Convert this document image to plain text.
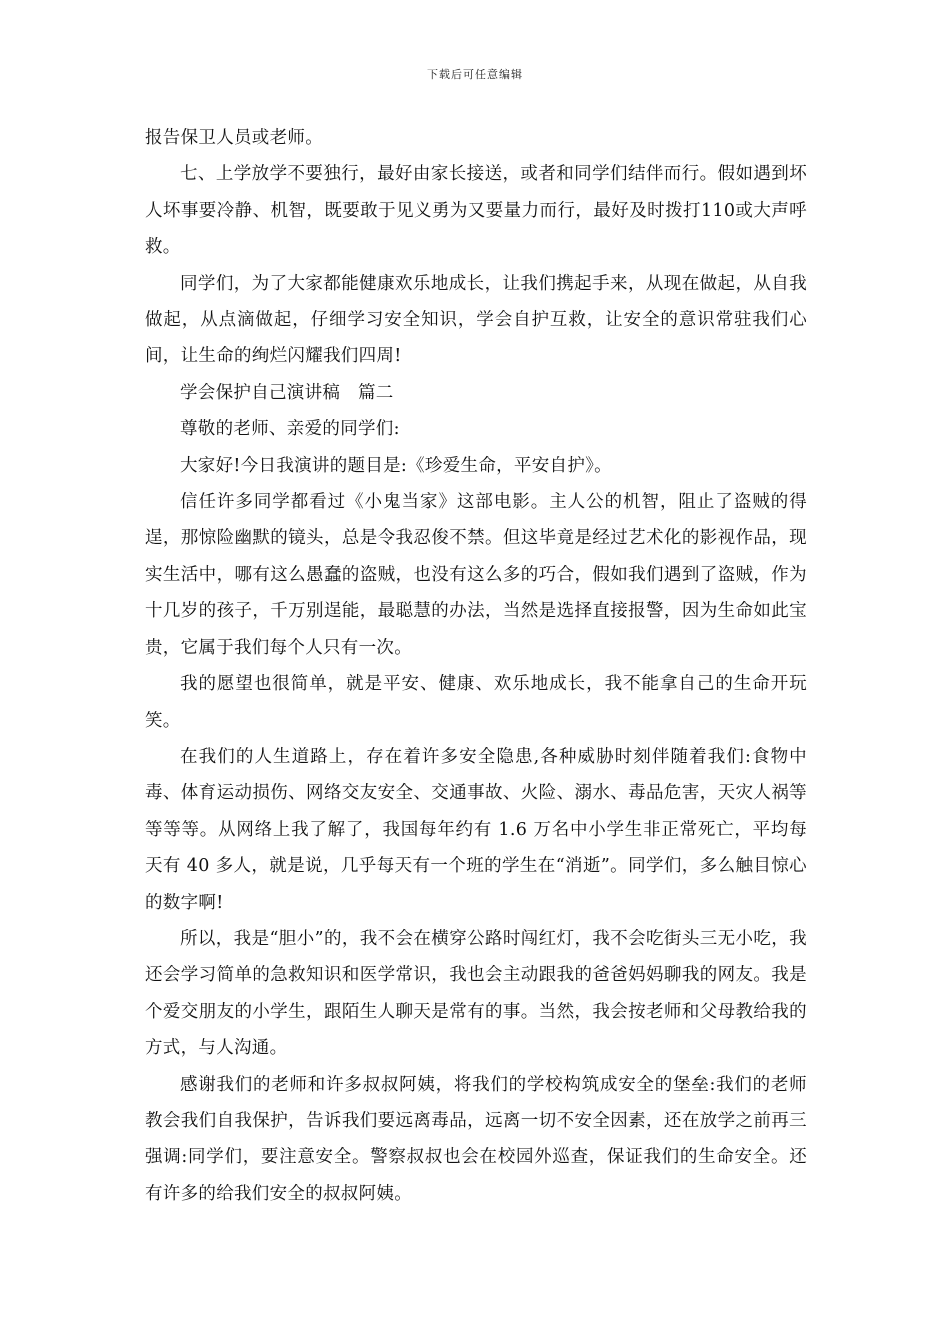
下载后可任意编辑

报告保卫人员或老师。

七、上学放学不要独行，最好由家长接送，或者和同学们结伴而行。假如遇到坏人坏事要冷静、机智，既要敢于见义勇为又要量力而行，最好及时拨打110或大声呼救。

同学们，为了大家都能健康欢乐地成长，让我们携起手来，从现在做起，从自我做起，从点滴做起，仔细学习安全知识，学会自护互救，让安全的意识常驻我们心间，让生命的绚烂闪耀我们四周!

学会保护自己演讲稿　篇二

尊敬的老师、亲爱的同学们:

大家好!今日我演讲的题目是:《珍爱生命，平安自护》。

信任许多同学都看过《小鬼当家》这部电影。主人公的机智，阻止了盗贼的得逞，那惊险幽默的镜头，总是令我忍俊不禁。但这毕竟是经过艺术化的影视作品，现实生活中，哪有这么愚蠢的盗贼，也没有这么多的巧合，假如我们遇到了盗贼，作为十几岁的孩子，千万别逞能，最聪慧的办法，当然是选择直接报警，因为生命如此宝贵，它属于我们每个人只有一次。

我的愿望也很简单，就是平安、健康、欢乐地成长，我不能拿自己的生命开玩笑。

在我们的人生道路上，存在着许多安全隐患,各种威胁时刻伴随着我们:食物中毒、体育运动损伤、网络交友安全、交通事故、火险、溺水、毒品危害，天灾人祸等等等等。从网络上我了解了，我国每年约有 1.6 万名中小学生非正常死亡，平均每天有 40 多人，就是说，几乎每天有一个班的学生在“消逝”。同学们，多么触目惊心的数字啊!

所以，我是“胆小”的，我不会在横穿公路时闯红灯，我不会吃街头三无小吃，我还会学习简单的急救知识和医学常识，我也会主动跟我的爸爸妈妈聊我的网友。我是个爱交朋友的小学生，跟陌生人聊天是常有的事。当然，我会按老师和父母教给我的方式，与人沟通。

感谢我们的老师和许多叔叔阿姨，将我们的学校构筑成安全的堡垒:我们的老师教会我们自我保护，告诉我们要远离毒品，远离一切不安全因素，还在放学之前再三强调:同学们，要注意安全。警察叔叔也会在校园外巡查，保证我们的生命安全。还有许多的给我们安全的叔叔阿姨。
